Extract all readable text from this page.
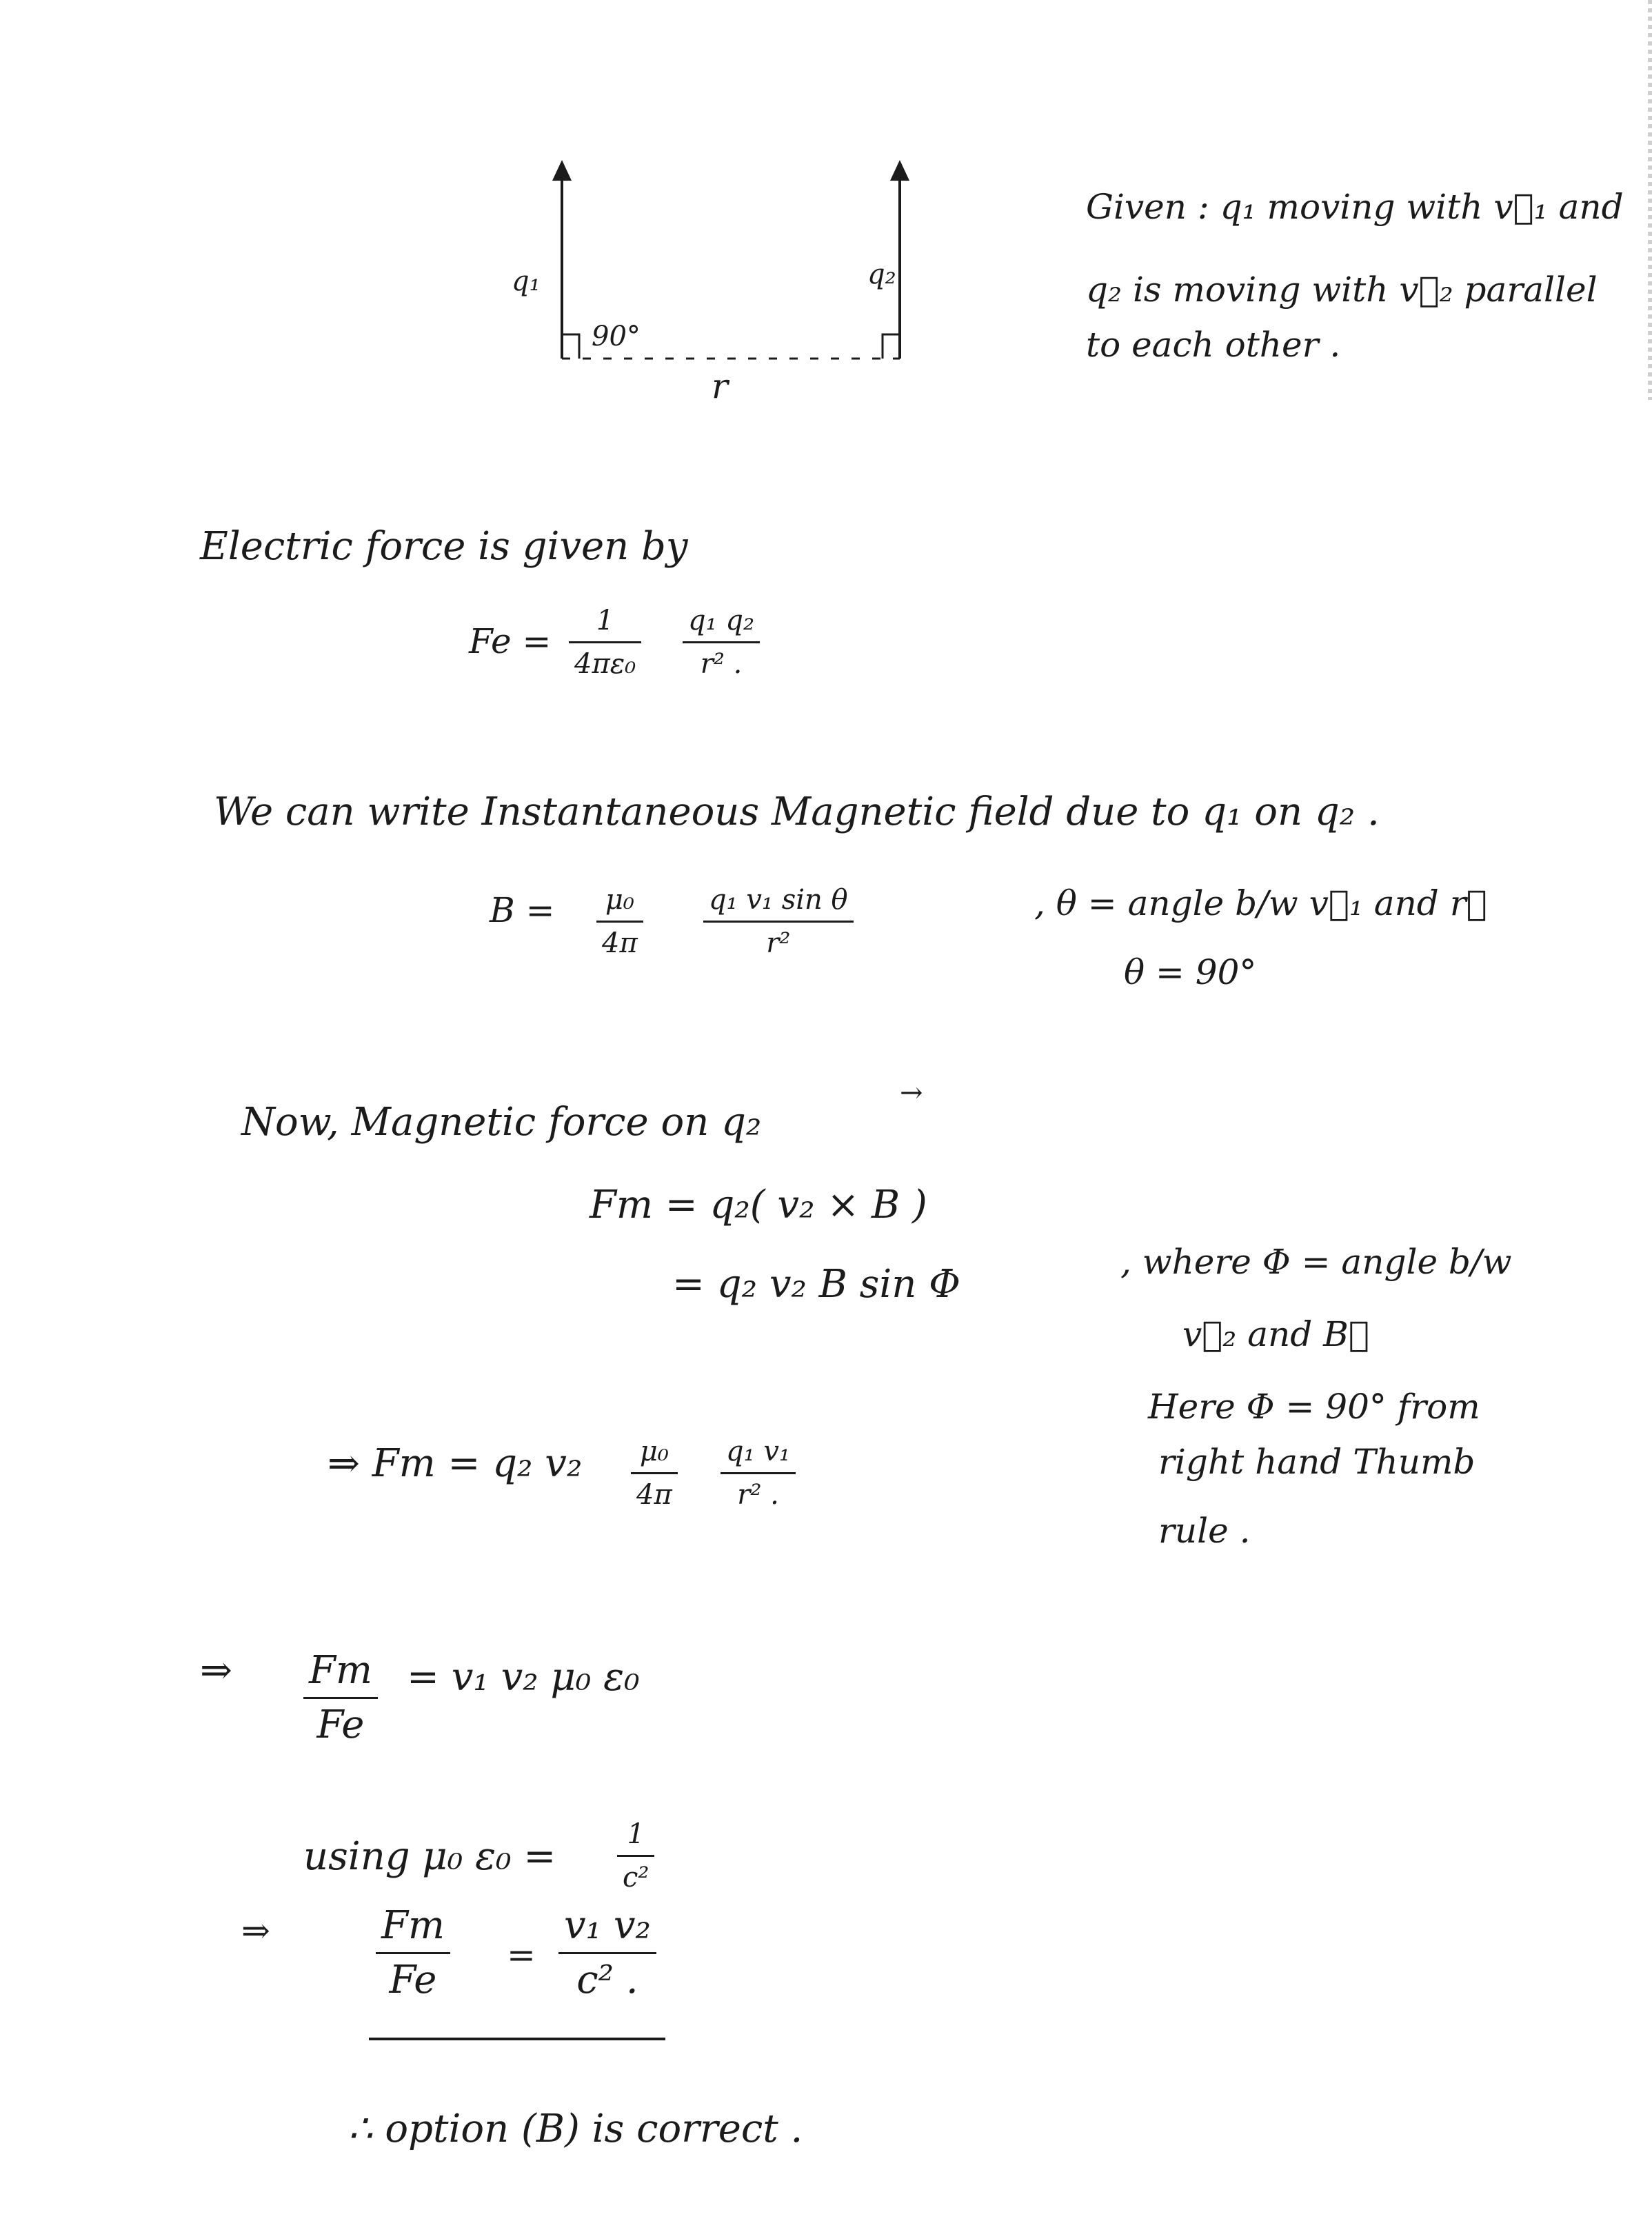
q₁	q₂
90°
r
Given : q₁ moving with v⃗₁ and
q₂ is moving with v⃗₂ parallel
to each other .
Electric force is given by
Fe =
1
4πε₀
q₁ q₂
r² .
We can write Instantaneous Magnetic field due to q₁ on q₂ .
B = μ₀
4π
q₁ v₁ sin θ
r²
, θ = angle b/w v⃗₁ and r⃗
θ = 90°
Now, Magnetic force on q₂
→
Fm = q₂( v₂ × B )
= q₂ v₂ B sin Φ	, where Φ = angle b/w
v⃗₂ and B⃗
Here Φ = 90° from
right hand Thumb
rule .
⇒ Fm = q₂ v₂ μ₀
4π
q₁ v₁
r² .
⇒ Fm
Fe
= v₁ v₂ μ₀ ε₀
using μ₀ ε₀ =	1
c²
⇒	Fm
Fe
=
v₁ v₂
c² .
∴ option (B) is correct .
